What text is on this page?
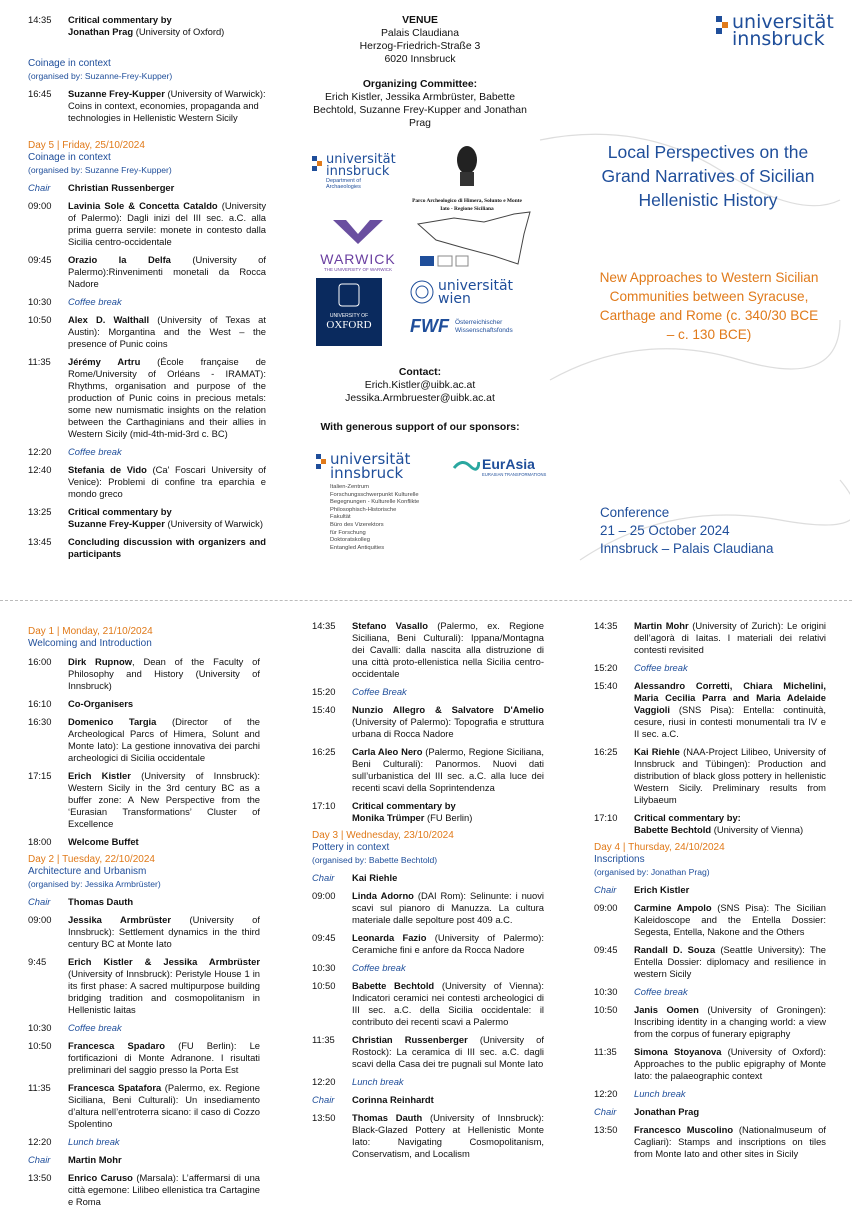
14:35	Critical commentary by
Jonathan Prag (University of Oxford)
Coinage in context
(organised by: Suzanne-Frey-Kupper)
16:45	Suzanne Frey-Kupper (University of Warwick):
Coins in context, economies, propaganda and technologies in Hellenistic Western Sicily
Day 5 | Friday, 25/10/2024
Coinage in context
(organised by: Suzanne Frey-Kupper)
Chair	Christian Russenberger
09:00	Lavinia Sole & Concetta Cataldo (University of Palermo): Dagli inizi del III sec. a.C. alla prima guerra servile: monete in contesto dalla Sicilia centro-occidentale
09:45	Orazio la Delfa (University of Palermo):Rinvenimenti monetali da Rocca Nadore
10:30	Coffee break
10:50	Alex D. Walthall (University of Texas at Austin): Morgantina and the West – the presence of Punic coins
11:35	Jérémy Artru (École française de Rome/University of Orléans - IRAMAT): Rhythms, organisation and purpose of the production of Punic coins in precious metals: some new numismatic insights on the relation between the Carthaginians and their allies in Western Sicily (mid-4th-mid-3rd c. BC)
12:20	Coffee break
12:40	Stefania de Vido (Ca' Foscari University of Venice): Problemi di confine tra eparchia e mondo greco
13:25	Critical commentary by
Suzanne Frey-Kupper (University of Warwick)
13:45	Concluding discussion with organizers and participants
VENUE
Palais Claudiana
Herzog-Friedrich-Straße 3
6020 Innsbruck
Organizing Committee:
Erich Kistler, Jessika Armbrüster, Babette Bechtold, Suzanne Frey-Kupper and Jonathan Prag
universität
innsbruck
Department of Archaeologies
Parco Archeologico di Himera, Solunto e Monte Iato - Regione Siciliana
WARWICK
THE UNIVERSITY OF WARWICK
UNIVERSITY OF
OXFORD
universität
wien
FWF Österreichischer
Wissenschaftsfonds
Contact:
Erich.Kistler@uibk.ac.at
Jessika.Armbruester@uibk.ac.at
With generous support of our sponsors:
universität
innsbruck
Italien-Zentrum
Forschungsschwerpunkt Kulturelle
Begegnungen - Kulturelle Konflikte
Philosophisch-Historische
Fakultät
Büro des Vizerektors
für Forschung
Doktoratskolleg
Entangled Antiquities
EurAsia
EURASIAN TRANSFORMATIONS
universität
innsbruck
Local Perspectives on the Grand Narratives of Sicilian Hellenistic History
New Approaches to Western Sicilian Communities between Syracuse, Carthage and Rome (c. 340/30 BCE – c. 130 BCE)
Conference
21 – 25 October 2024
Innsbruck – Palais Claudiana
Day 1 | Monday, 21/10/2024
Welcoming and Introduction
16:00	Dirk Rupnow, Dean of the Faculty of Philosophy and History (University of Innsbruck)
16:10	Co-Organisers
16:30	Domenico Targia (Director of the Archeological Parcs of Himera, Solunt and Monte Iato): La gestione innovativa dei parchi archeologici di Sicilia occidentale
17:15	Erich Kistler (University of Innsbruck): Western Sicily in the 3rd century BC as a buffer zone: A New Perspective from the ‘Eurasian Transformations’ Cluster of Excellence
18:00	Welcome Buffet
Day 2 | Tuesday, 22/10/2024
Architecture and Urbanism
(organised by: Jessika Armbrüster)
Chair	Thomas Dauth
09:00	Jessika Armbrüster (University of Innsbruck): Settlement dynamics in the third century BC at Monte Iato
9:45	Erich Kistler & Jessika Armbrüster (University of Innsbruck): Peristyle House 1 in its first phase: A sacred multipurpose building bridging tradition and cosmopolitanism in Hellenistic Iaitas
10:30	Coffee break
10:50	Francesca Spadaro (FU Berlin): Le fortificazioni di Monte Adranone. I risultati preliminari del saggio presso la Porta Est
11:35	Francesca Spatafora (Palermo, ex. Regione Siciliana, Beni Culturali): Un insediamento d’altura nell’entroterra sicano: il caso di Cozzo Spolentino
12:20	Lunch break
Chair	Martin Mohr
13:50	Enrico Caruso (Marsala): L’affermarsi di una città egemone: Lilibeo ellenistica tra Cartagine e Roma
14:35	Stefano Vasallo (Palermo, ex. Regione Siciliana, Beni Culturali): Ippana/Montagna dei Cavalli: dalla nascita alla distruzione di una città proto-ellenistica nella Sicilia centro-occidentale
15:20	Coffee Break
15:40	Nunzio Allegro & Salvatore D'Amelio (University of Palermo): Topografia e struttura urbana di Rocca Nadore
16:25	Carla Aleo Nero (Palermo, Regione Siciliana, Beni Culturali): Panormos. Nuovi dati sull’urbanistica del III sec. a.C. alla luce dei recenti scavi della Soprintendenza
17:10	Critical commentary by
Monika Trümper (FU Berlin)
Day 3 | Wednesday, 23/10/2024
Pottery in context
(organised by: Babette Bechtold)
Chair	Kai Riehle
09:00	Linda Adorno (DAI Rom): Selinunte: i nuovi scavi sul pianoro di Manuzza. La cultura materiale dalle sepolture post 409 a.C.
09:45	Leonarda Fazio (University of Palermo): Ceramiche fini e anfore da Rocca Nadore
10:30	Coffee break
10:50	Babette Bechtold (University of Vienna): Indicatori ceramici nei contesti archeologici di III sec. a.C. della Sicilia occidentale: il contributo dei recenti scavi a Palermo
11:35	Christian Russenberger (University of Rostock): La ceramica di III sec. a.C. dagli scavi della Casa dei tre pugnali sul Monte Iato
12:20	Lunch break
Chair	Corinna Reinhardt
13:50	Thomas Dauth (University of Innsbruck): Black-Glazed Pottery at Hellenistic Monte Iato: Navigating Cosmopolitanism, Conservatism, and Localism
14:35	Martin Mohr (University of Zurich): Le origini dell’agorà di Iaitas. I materiali dei relativi contesti revisited
15:20	Coffee break
15:40	Alessandro Corretti, Chiara Michelini, Maria Cecilia Parra and Maria Adelaide Vaggioli (SNS Pisa): Entella: continuità, cesure, riusi in contesti monumentali tra IV e II sec. a.C.
16:25	Kai Riehle (NAA-Project Lilibeo, University of Innsbruck and Tübingen): Production and distribution of black gloss pottery in hellenistic Western Sicily. Preliminary results from Lilybaeum
17:10	Critical commentary by:
Babette Bechtold (University of Vienna)
Day 4 | Thursday, 24/10/2024
Inscriptions
(organised by: Jonathan Prag)
Chair	Erich Kistler
09:00	Carmine Ampolo (SNS Pisa): The Sicilian Kaleidoscope and the Entella Dossier: Segesta, Entella, Nakone and the Others
09:45	Randall D. Souza (Seattle University): The Entella Dossier: diplomacy and resilience in western Sicily
10:30	Coffee break
10:50	Janis Oomen (University of Groningen): Inscribing identity in a changing world: a view from the corpus of funerary epigraphy
11:35	Simona Stoyanova (University of Oxford): Approaches to the public epigraphy of Monte Iato: the palaeographic context
12:20	Lunch break
Chair	Jonathan Prag
13:50	Francesco Muscolino (Nationalmuseum of Cagliari): Stamps and inscriptions on tiles from Monte Iato and other sites in Sicily
